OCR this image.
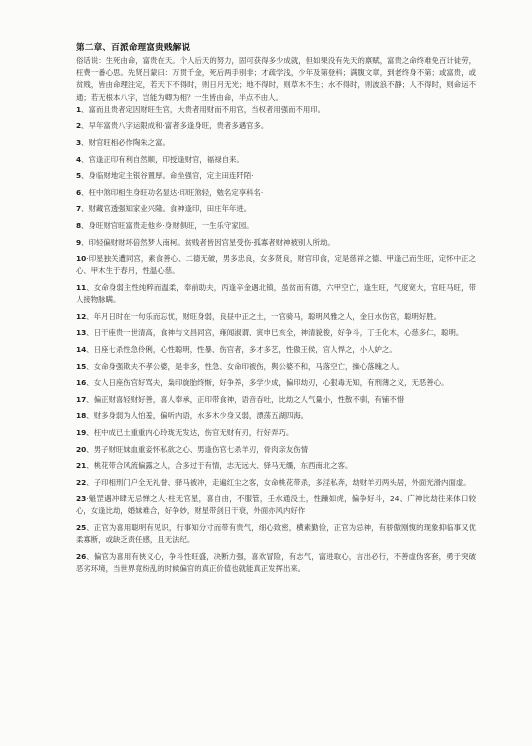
第二章、百派命理富贵贱解说

俗话说：生死由命，富贵在天。个人后天的努力，固可获得多少成就，但如果没有先天的禀赋，富贵之命终难免百计徒劳，枉费一番心思。先贤吕蒙曰：万贯千金，死后两手别非；才疏学浅，少年及第登科；满腹文章，到老终身不第；或富贵，或贫贱，皆由命理注定，若天下不得时，则日月无光；地不得时，则草木不生；水不得时，则波浪不静；人不得时，则命运不通；若无根本八字，岂能为卿为相？一生皆由命，半点不由人。

1、富而且贵者定因财旺生官，大贵者用财而不用官，当权者用强而不用印。
2、早年富贵八字运限成和·富者多逢身旺，贵者多遇官多。
3、财官旺相必作陶朱之富。
4、官逢正印有利自然顺，印授逢财官，福禄自来。
5、身临财地定主银谷置厚。命坐强官，定主田连阡陌·
6、枉中煞印相生身旺功名显达·印旺煞轻，勉名定享科名·
7、财藏官透强知家业兴隆。食神逢印，田庄年年进。
8、身旺财官旺富贵走他乡·身财俱旺，一生乐守家园。
9、印轻偏财财坏倍然梦人南柯。贫贱者皆因官星受伤·孤寡者财神被别人所劫。
10·印星独关遭同宫，素食善心、二德无破，男多忠良，女多贤良，财官印食，定是慈祥之德、甲逢己而生旺，定怀中正之心、甲木生于春月，性温心慈。
11、女命身弱主性纯粹而温柔，奉前助夫，丙逢辛金遇北镇，虽贫而有德，六甲空亡，逢生旺，气度宽大，官旺马旺，带人接物脉瞒。
12、年月日时在一句乐而忘忧，财旺身弱，良昼中正之土，一官骑马，聪明风雅之人，金日水伤官，聪明好胜。
13、日干座贵一世清高，食神与文昌同宫，雍闻淑谓、寅申巳亥全，神清貌俊，好争斗，丁壬化木，心慈多仁，聪明。
14、日座七杀性急伶俐，心性聪明，性暴、伤官者，多才多艺，性傲王侯，官人悍之，小人妒之。
15、女命身强欺夫不孝公婆，是非多，性急、女命印被伤，舆公婆不和，马落空亡，操心落魄之人。
16、女人日座伤官好骂夫，枭印旋胎终惭，好争养，多学少成，偏印劫刃，心狠毒无知，有刑薄之义，无恶善心。
17、偏正财喜轻财好善，喜人奉承，正印带食神，语音吞吐，比劫之人气量小，性散不驯，有铺不惜
18、财多身弱为人怕羞，偏听内语，水多木少身又弱，漂荡五湖四海。
19、枉中成已土重重内心玲珑无发达，伤官无财有刃，行好弄巧。
20、男子财旺妹血重妾怀私欲之心、男逢伤官七杀羊刃，骨肉亲友伤情
21、桃花带合风流偏露之人，合多过于有情，志无远大、驿马无缰，东西南北之客。
22、子印相刑门户全无礼誉、驿马被冲，走遍红尘之客，女命桃花带杀，多淫私奔，劫财羊刃两头居，外面光滑内面虚。
23·魁罡遇冲肆无忌惮之人·柱无官星，喜自由，不服管，壬水通没土，性躁如虎，偏争好斗，24、广神比劫往来体口较心，女逢比劫，婚妹难合，好争妙，财星带剑日干衰，外面亦风内好作
25、正官为喜用聪明有见识，行事知分寸而带有贵气，细心致密，横素勤俭，正官为忌神，有骄傲刚愎的现象抑临事又优柔寡断，或缺乏责任感，且无法纪。
26、偏官为喜用有俠义心，争斗性旺盛，决断力强，喜欢冒险，有志气，富进取心，言出必行，不善虚伪客套，勇于突破恶劣环境，当世界竟纷乱的时候偏官的真正价值也就能真正发挥出来。
